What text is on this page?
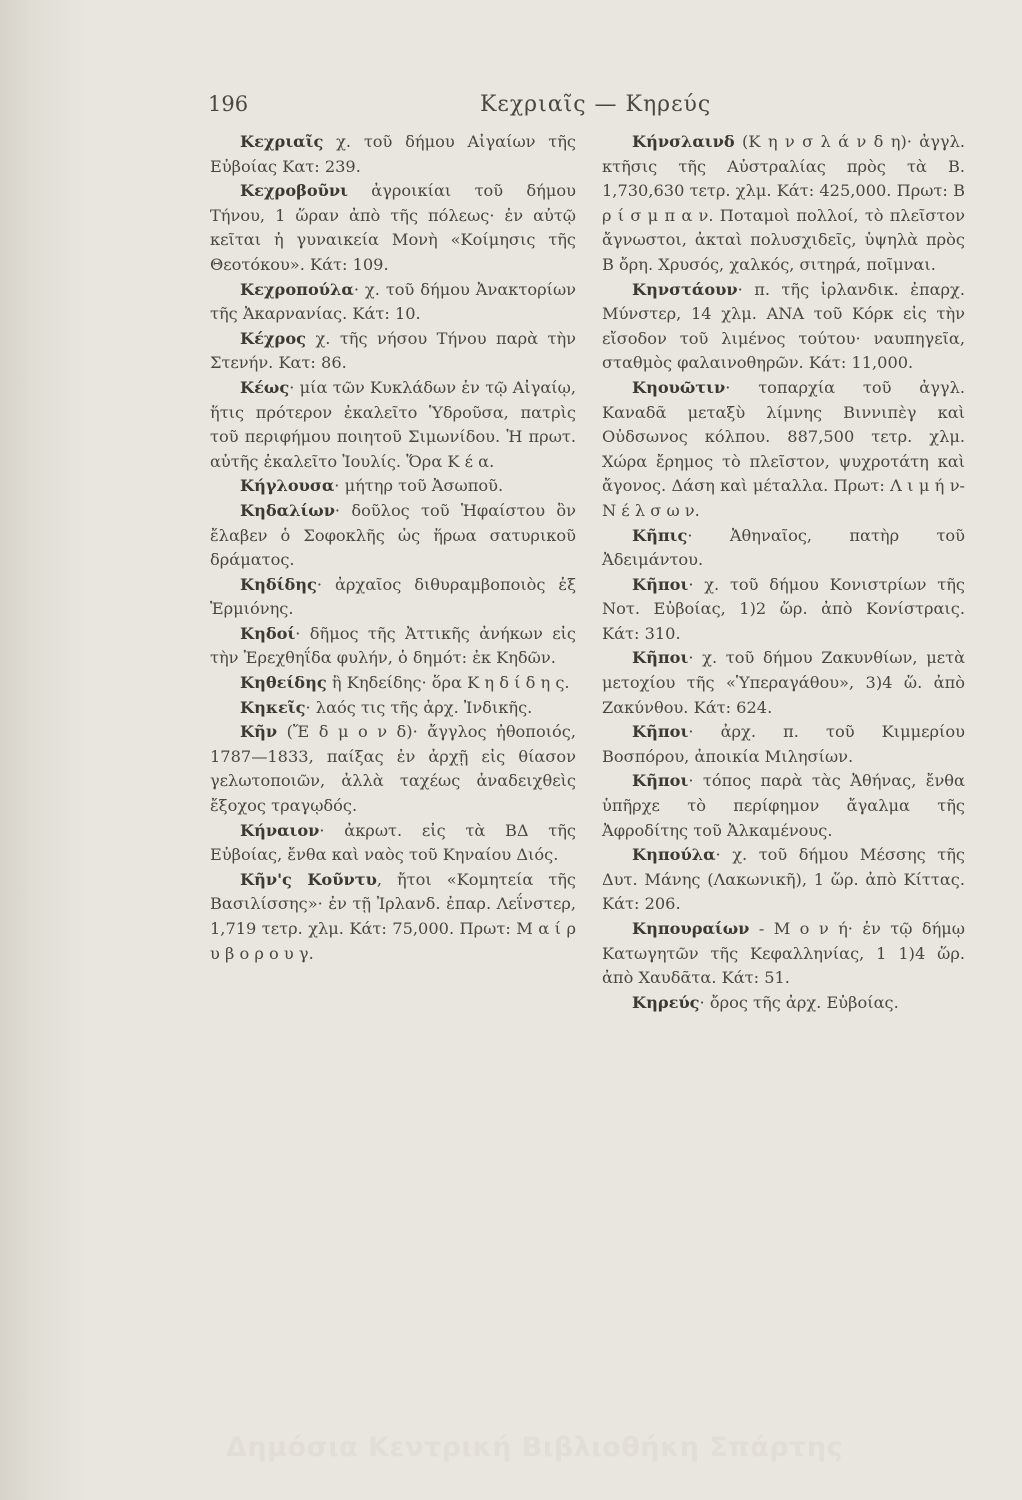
196	Κεχριαῖς — Κηρεύς

Κεχριαῖς χ. τοῦ δήμου Αἰγαίων τῆς Εὐβοίας Κατ: 239.

Κεχροβοῦνι ἀγροικίαι τοῦ δήμου Τήνου, 1 ὥραν ἀπὸ τῆς πόλεως· ἐν αὐτῷ κεῖται ἡ γυναικεία Μονὴ «Κοίμησις τῆς Θεοτόκου». Κάτ: 109.

Κεχροπούλα· χ. τοῦ δήμου Ἀνακτορίων τῆς Ἀκαρνανίας. Κάτ: 10.

Κέχρος χ. τῆς νήσου Τήνου παρὰ τὴν Στενήν. Κατ: 86.

Κέως· μία τῶν Κυκλάδων ἐν τῷ Αἰγαίῳ, ἥτις πρότερον ἐκαλεῖτο Ὑδροῦσα, πατρὶς τοῦ περιφήμου ποιητοῦ Σιμωνίδου. Ἡ πρωτ. αὐτῆς ἐκαλεῖτο Ἰουλίς. Ὅρα Κ έ α.

Κήγλουσα· μήτηρ τοῦ Ἀσωποῦ.

Κηδαλίων· δοῦλος τοῦ Ἡφαίστου ὃν ἔλαβεν ὁ Σοφοκλῆς ὡς ἥρωα σατυρικοῦ δράματος.

Κηδίδης· ἀρχαῖος διθυραμβοποιὸς ἐξ Ἑρμιόνης.

Κηδοί· δῆμος τῆς Ἀττικῆς ἀνήκων εἰς τὴν Ἐρεχθηΐδα φυλήν, ὁ δημότ: ἐκ Κηδῶν.

Κηθείδης ἢ Κηδείδης· ὅρα Κ η δ ί δ η ς.

Κηκεῖς· λαός τις τῆς ἀρχ. Ἰνδικῆς.

Κῆν (Ἔ δ μ ο ν δ)· ἄγγλος ἠθοποιός, 1787—1833, παίξας ἐν ἀρχῇ εἰς θίασον γελωτοποιῶν, ἀλλὰ ταχέως ἀναδειχθεὶς ἔξοχος τραγῳδός.

Κήναιον· ἀκρωτ. εἰς τὰ ΒΔ τῆς Εὐβοίας, ἔνθα καὶ ναὸς τοῦ Κηναίου Διός.

Κῆν'ς Κοῦντυ, ἤτοι «Κομητεία τῆς Βασιλίσσης»· ἐν τῇ Ἰρλανδ. ἐπαρ. Λεΐνστερ, 1,719 τετρ. χλμ. Κάτ: 75,000. Πρωτ: Μ α ί ρ υ β ο ρ ο υ γ.

Κήνσλαινδ (Κ η ν σ λ ά ν δ η)· ἀγγλ. κτῆσις τῆς Αὐστραλίας πρὸς τὰ Β. 1,730,630 τετρ. χλμ. Κάτ: 425,000. Πρωτ: Β ρ ί σ μ π α ν. Ποταμοὶ πολλοί, τὸ πλεῖστον ἄγνωστοι, ἀκταὶ πολυσχιδεῖς, ὑψηλὰ πρὸς Β ὄρη. Χρυσός, χαλκός, σιτηρά, ποῖμναι.

Κηνστάουν· π. τῆς ἰρλανδικ. ἐπαρχ. Μύνστερ, 14 χλμ. ΑΝΑ τοῦ Κόρκ εἰς τὴν εἴσοδον τοῦ λιμένος τούτου· ναυπηγεῖα, σταθμὸς φαλαινοθηρῶν. Κάτ: 11,000.

Κηουῶτιν· τοπαρχία τοῦ ἀγγλ. Καναδᾶ μεταξὺ λίμνης Βιννιπὲγ καὶ Οὐδσωνος κόλπου. 887,500 τετρ. χλμ. Χώρα ἔρημος τὸ πλεῖστον, ψυχροτάτη καὶ ἄγονος. Δάση καὶ μέταλλα. Πρωτ: Λ ι μ ή ν-Ν έ λ σ ω ν.

Κῆπις· Ἀθηναῖος, πατὴρ τοῦ Ἀδειμάντου.

Κῆποι· χ. τοῦ δήμου Κονιστρίων τῆς Νοτ. Εὐβοίας, 1)2 ὥρ. ἀπὸ Κονίστραις. Κάτ: 310.

Κῆποι· χ. τοῦ δήμου Ζακυνθίων, μετὰ μετοχίου τῆς «Ὑπεραγάθου», 3)4 ὥ. ἀπὸ Ζακύνθου. Κάτ: 624.

Κῆποι· ἀρχ. π. τοῦ Κιμμερίου Βοσπόρου, ἀποικία Μιλησίων.

Κῆποι· τόπος παρὰ τὰς Ἀθήνας, ἔνθα ὑπῆρχε τὸ περίφημον ἄγαλμα τῆς Ἀφροδίτης τοῦ Ἀλκαμένους.

Κηπούλα· χ. τοῦ δήμου Μέσσης τῆς Δυτ. Μάνης (Λακωνικῆ), 1 ὥρ. ἀπὸ Κίττας. Κάτ: 206.

Κηπουραίων - Μ ο ν ή· ἐν τῷ δήμῳ Κατωγητῶν τῆς Κεφαλληνίας, 1 1)4 ὥρ. ἀπὸ Χαυδᾶτα. Κάτ: 51.

Κηρεύς· ὄρος τῆς ἀρχ. Εὐβοίας.

Δημόσια Κεντρική Βιβλιοθήκη Σπάρτης
